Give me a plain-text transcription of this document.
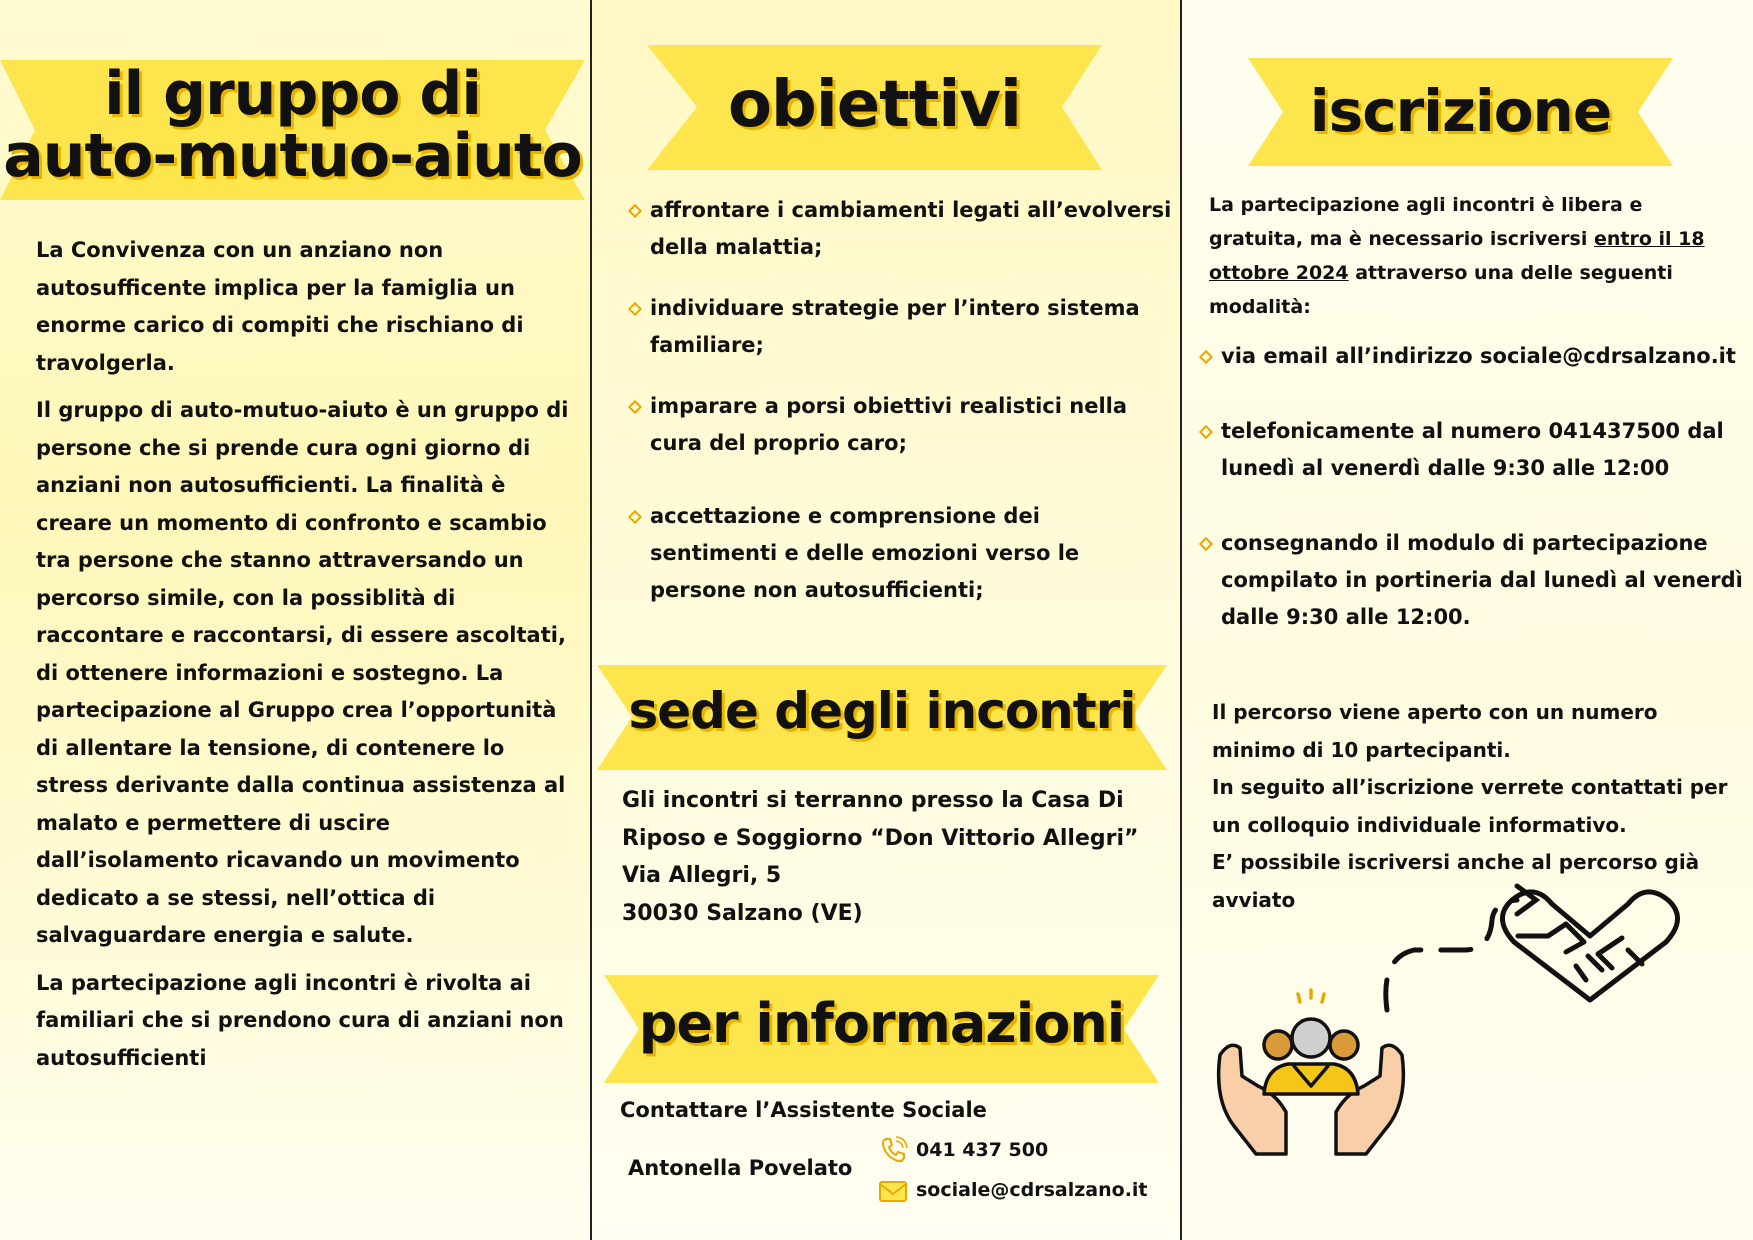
il gruppo di
auto-mutuo-aiuto

La Convivenza con un anziano non autosufficente implica per la famiglia un enorme carico di compiti che rischiano di travolgerla.

Il gruppo di auto-mutuo-aiuto è un gruppo di persone che si prende cura ogni giorno di anziani non autosufficienti. La finalità è creare un momento di confronto e scambio tra persone che stanno attraversando un percorso simile, con la possiblità di raccontare e raccontarsi, di essere ascoltati, di ottenere informazioni e sostegno. La partecipazione al Gruppo crea l’opportunità di allentare la tensione, di contenere lo stress derivante dalla continua assistenza al malato e permettere di uscire dall’isolamento ricavando un movimento dedicato a se stessi, nell’ottica di salvaguardare energia e salute.

La partecipazione agli incontri è rivolta ai familiari che si prendono cura di anziani non autosufficienti

obiettivi
affrontare i cambiamenti legati all’evolversi della malattia;
individuare strategie per l’intero sistema familiare;
imparare a porsi obiettivi realistici nella cura del proprio caro;
accettazione e comprensione dei sentimenti e delle emozioni verso le persone non autosufficienti;
sede degli incontri
Gli incontri si terranno presso la Casa Di
Riposo e Soggiorno “Don Vittorio Allegri”
Via Allegri, 5
30030 Salzano (VE)
per informazioni
Contattare l’Assistente Sociale
Antonella Povelato
041 437 500
sociale@cdrsalzano.it
iscrizione
La partecipazione agli incontri è libera e gratuita, ma è necessario iscriversi entro il 18 ottobre 2024 attraverso una delle seguenti modalità:
via email all’indirizzo sociale@cdrsalzano.it
telefonicamente al numero 041437500 dal lunedì al venerdì dalle 9:30 alle 12:00
consegnando il modulo di partecipazione compilato in portineria dal lunedì al venerdì dalle 9:30 alle 12:00.
Il percorso viene aperto con un numero minimo di 10 partecipanti.
In seguito all’iscrizione verrete contattati per un colloquio individuale informativo.
E’ possibile iscriversi anche al percorso già avviato
